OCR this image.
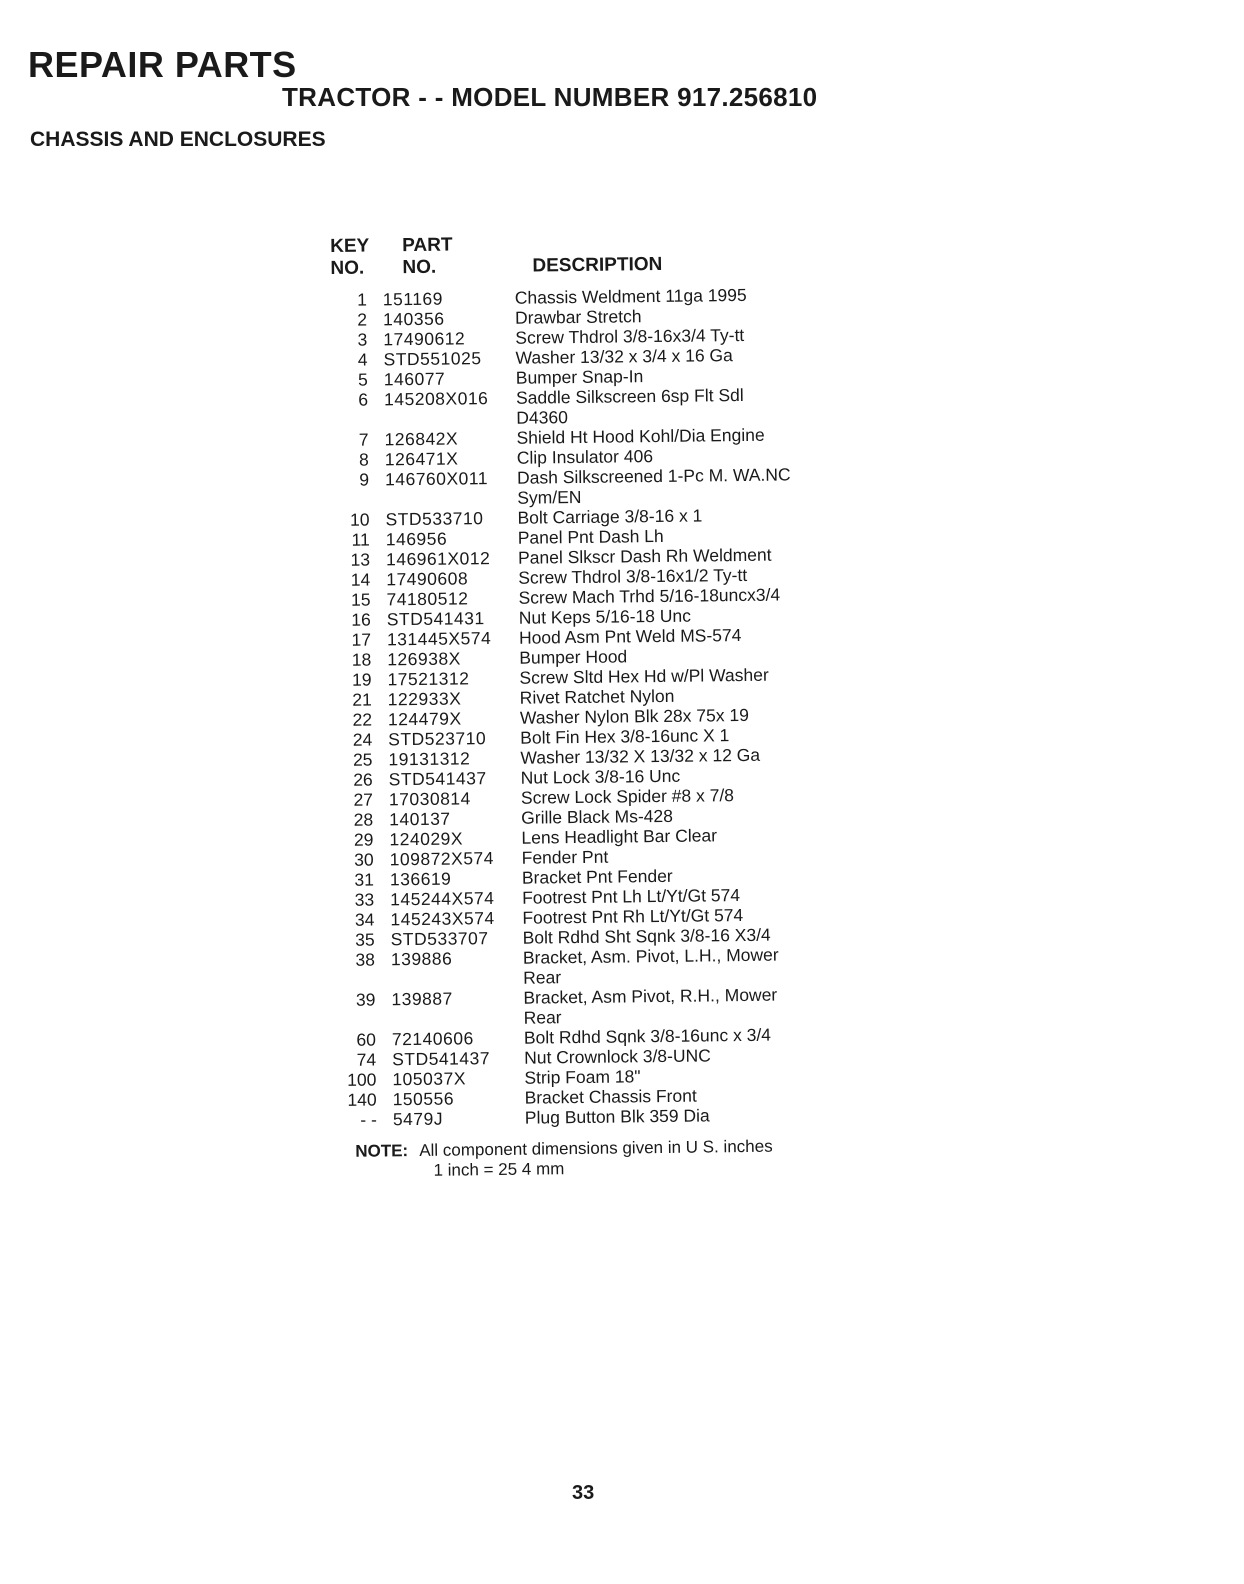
REPAIR PARTS
TRACTOR - - MODEL NUMBER 917.256810
CHASSIS AND ENCLOSURES
KEY
NO.
PART
NO.	DESCRIPTION
1 151169	Chassis Weldment 11ga 1995
2 140356	Drawbar Stretch
3 17490612	Screw Thdrol 3/8-16x3/4 Ty-tt
4 STD551025	Washer 13/32 x 3/4 x 16 Ga
5 146077	Bumper Snap-In
6 145208X016	Saddle Silkscreen 6sp Flt Sdl
D4360
7 126842X	Shield Ht Hood Kohl/Dia Engine
8 126471X	Clip Insulator 406
9 146760X011	Dash Silkscreened 1-Pc M. WA.NC
Sym/EN
10 STD533710	Bolt Carriage 3/8-16 x 1
11 146956	Panel Pnt Dash Lh
13 146961X012	Panel Slkscr Dash Rh Weldment
14 17490608	Screw Thdrol 3/8-16x1/2 Ty-tt
15 74180512	Screw Mach Trhd 5/16-18uncx3/4
16 STD541431	Nut Keps 5/16-18 Unc
17 131445X574	Hood Asm Pnt Weld MS-574
18 126938X	Bumper Hood
19 17521312	Screw Sltd Hex Hd w/Pl Washer
21 122933X	Rivet Ratchet Nylon
22 124479X	Washer Nylon Blk 28x 75x 19
24 STD523710	Bolt Fin Hex 3/8-16unc X 1
25 19131312	Washer 13/32 X 13/32 x 12 Ga
26 STD541437	Nut Lock 3/8-16 Unc
27 17030814	Screw Lock Spider #8 x 7/8
28 140137	Grille Black Ms-428
29 124029X	Lens Headlight Bar Clear
30 109872X574	Fender Pnt
31 136619	Bracket Pnt Fender
33 145244X574	Footrest Pnt Lh Lt/Yt/Gt 574
34 145243X574	Footrest Pnt Rh Lt/Yt/Gt 574
35 STD533707	Bolt Rdhd Sht Sqnk 3/8-16 X3/4
38 139886	Bracket, Asm. Pivot, L.H., Mower
Rear
39 139887	Bracket, Asm Pivot, R.H., Mower
Rear
60 72140606	Bolt Rdhd Sqnk 3/8-16unc x 3/4
74 STD541437	Nut Crownlock 3/8-UNC
100 105037X	Strip Foam 18"
140 150556	Bracket Chassis Front
- - 5479J	Plug Button Blk 359 Dia
NOTE: All component dimensions given in U S. inches
1 inch = 25 4 mm
33
